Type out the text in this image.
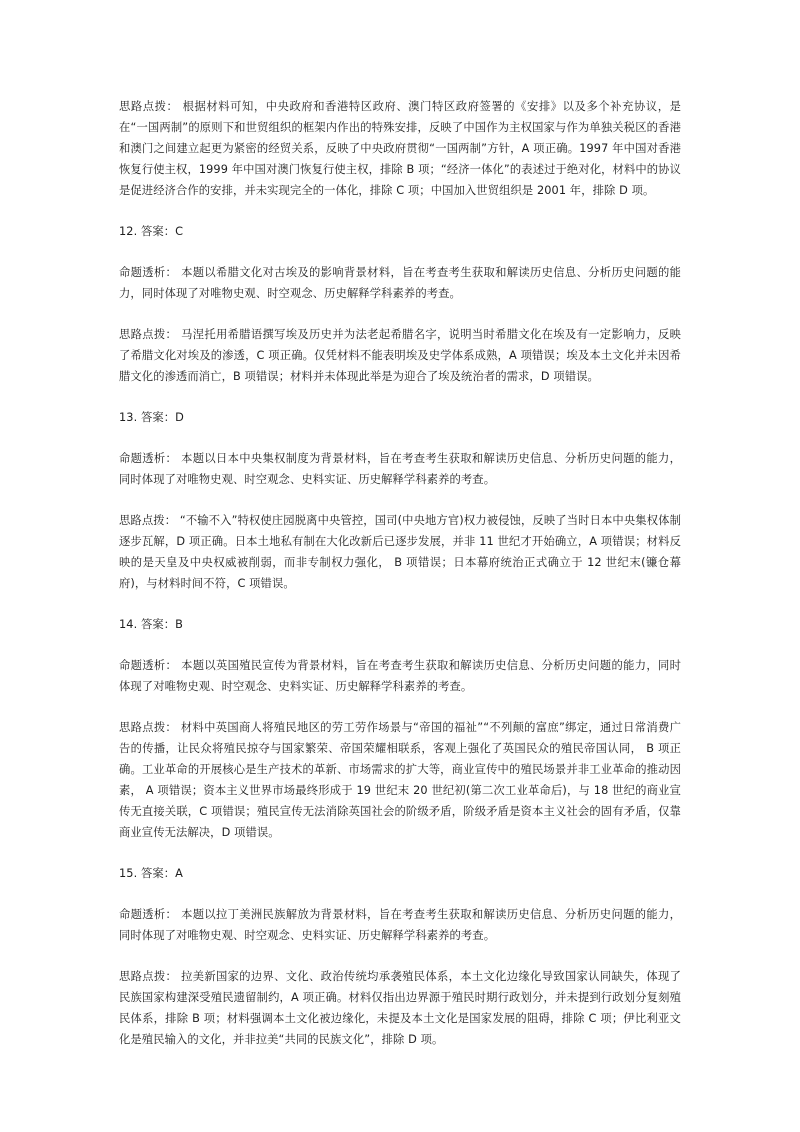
思路点拨： 根据材料可知，中央政府和香港特区政府、澳门特区政府签署的《安排》以及多个补充协议，是在“一国两制”的原则下和世贸组织的框架内作出的特殊安排，反映了中国作为主权国家与作为单独关税区的香港和澳门之间建立起更为紧密的经贸关系，反映了中央政府贯彻“一国两制”方针，A 项正确。1997 年中国对香港恢复行使主权，1999 年中国对澳门恢复行使主权，排除 B 项；“经济一体化”的表述过于绝对化，材料中的协议是促进经济合作的安排，并未实现完全的一体化，排除 C 项；中国加入世贸组织是 2001 年，排除 D 项。

12. 答案：C

命题透析： 本题以希腊文化对古埃及的影响背景材料，旨在考查考生获取和解读历史信息、分析历史问题的能力，同时体现了对唯物史观、时空观念、历史解释学科素养的考查。

思路点拨： 马涅托用希腊语撰写埃及历史并为法老起希腊名字，说明当时希腊文化在埃及有一定影响力，反映了希腊文化对埃及的渗透，C 项正确。仅凭材料不能表明埃及史学体系成熟，A 项错误；埃及本土文化并未因希腊文化的渗透而消亡，B 项错误；材料并未体现此举是为迎合了埃及统治者的需求，D 项错误。

13. 答案：D

命题透析： 本题以日本中央集权制度为背景材料，旨在考查考生获取和解读历史信息、分析历史问题的能力，同时体现了对唯物史观、时空观念、史料实证、历史解释学科素养的考查。

思路点拨： “不输不入”特权使庄园脱离中央管控，国司(中央地方官)权力被侵蚀，反映了当时日本中央集权体制逐步瓦解，D 项正确。日本土地私有制在大化改新后已逐步发展，并非 11 世纪才开始确立，A 项错误；材料反映的是天皇及中央权威被削弱，而非专制权力强化， B 项错误；日本幕府统治正式确立于 12 世纪末(镰仓幕府)，与材料时间不符，C 项错误。

14. 答案：B

命题透析： 本题以英国殖民宣传为背景材料，旨在考查考生获取和解读历史信息、分析历史问题的能力，同时体现了对唯物史观、时空观念、史料实证、历史解释学科素养的考查。

思路点拨： 材料中英国商人将殖民地区的劳工劳作场景与“帝国的福祉”“不列颠的富庶”绑定，通过日常消费广告的传播，让民众将殖民掠夺与国家繁荣、帝国荣耀相联系，客观上强化了英国民众的殖民帝国认同， B 项正确。工业革命的开展核心是生产技术的革新、市场需求的扩大等，商业宣传中的殖民场景并非工业革命的推动因素， A 项错误；资本主义世界市场最终形成于 19 世纪末 20 世纪初(第二次工业革命后)，与 18 世纪的商业宣传无直接关联，C 项错误；殖民宣传无法消除英国社会的阶级矛盾，阶级矛盾是资本主义社会的固有矛盾，仅靠商业宣传无法解决，D 项错误。

15. 答案：A

命题透析： 本题以拉丁美洲民族解放为背景材料，旨在考查考生获取和解读历史信息、分析历史问题的能力，同时体现了对唯物史观、时空观念、史料实证、历史解释学科素养的考查。

思路点拨： 拉美新国家的边界、文化、政治传统均承袭殖民体系，本土文化边缘化导致国家认同缺失，体现了民族国家构建深受殖民遗留制约，A 项正确。材料仅指出边界源于殖民时期行政划分，并未提到行政划分复刻殖民体系，排除 B 项；材料强调本土文化被边缘化，未提及本土文化是国家发展的阻碍，排除 C 项；伊比利亚文化是殖民输入的文化，并非拉美“共同的民族文化”，排除 D 项。
